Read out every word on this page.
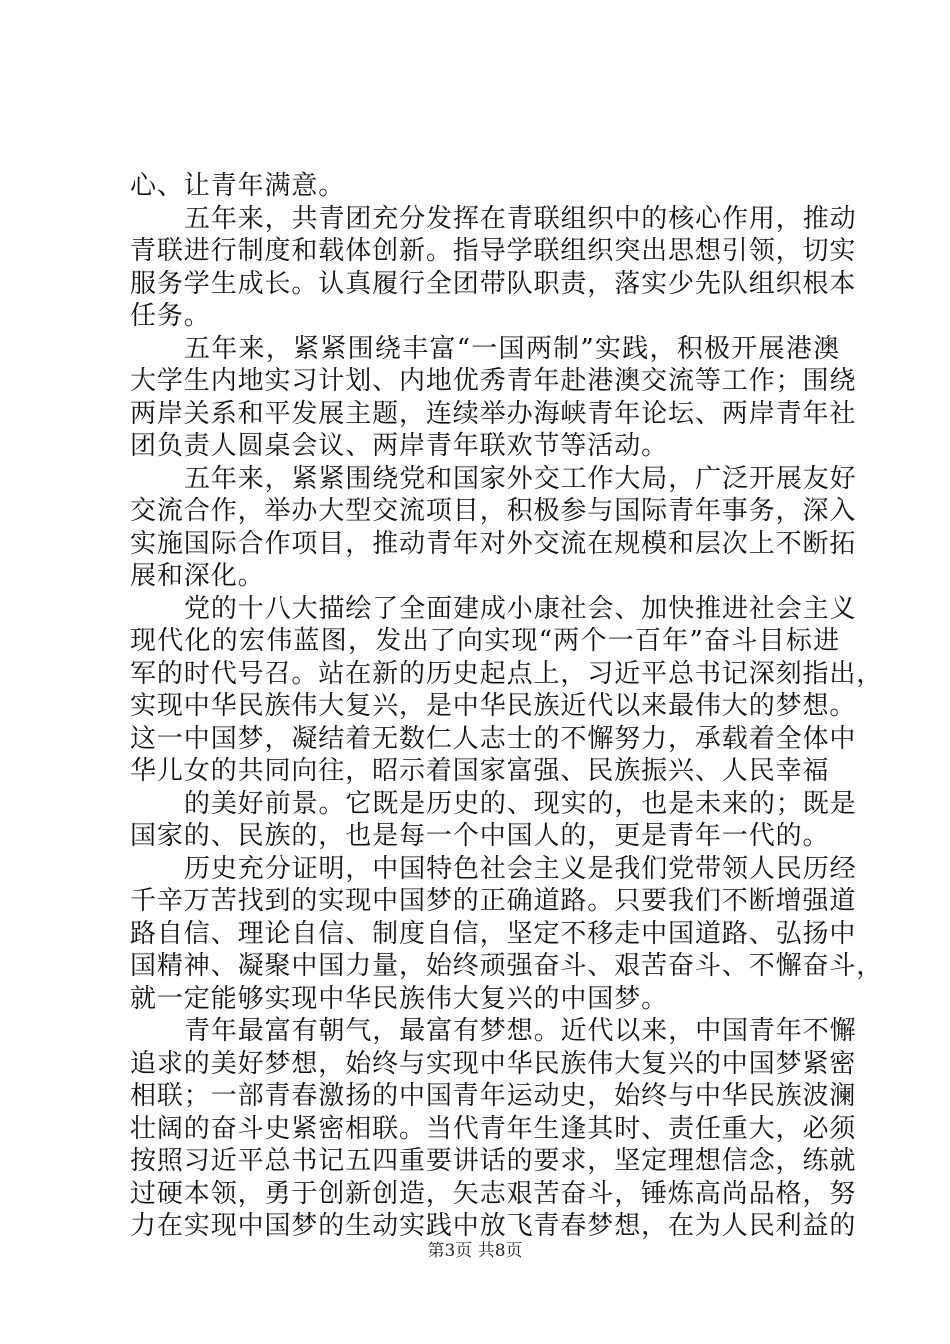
心、让青年满意。
五年来，共青团充分发挥在青联组织中的核心作用，推动
青联进行制度和载体创新。指导学联组织突出思想引领，切实
服务学生成长。认真履行全团带队职责，落实少先队组织根本
任务。
五年来，紧紧围绕丰富“一国两制”实践，积极开展港澳
大学生内地实习计划、内地优秀青年赴港澳交流等工作；围绕
两岸关系和平发展主题，连续举办海峡青年论坛、两岸青年社
团负责人圆桌会议、两岸青年联欢节等活动。
五年来，紧紧围绕党和国家外交工作大局，广泛开展友好
交流合作，举办大型交流项目，积极参与国际青年事务，深入
实施国际合作项目，推动青年对外交流在规模和层次上不断拓
展和深化。
党的十八大描绘了全面建成小康社会、加快推进社会主义
现代化的宏伟蓝图，发出了向实现“两个一百年”奋斗目标进
军的时代号召。站在新的历史起点上，习近平总书记深刻指出，
实现中华民族伟大复兴，是中华民族近代以来最伟大的梦想。
这一中国梦，凝结着无数仁人志士的不懈努力，承载着全体中
华儿女的共同向往，昭示着国家富强、民族振兴、人民幸福
的美好前景。它既是历史的、现实的，也是未来的；既是
国家的、民族的，也是每一个中国人的，更是青年一代的。
历史充分证明，中国特色社会主义是我们党带领人民历经
千辛万苦找到的实现中国梦的正确道路。只要我们不断增强道
路自信、理论自信、制度自信，坚定不移走中国道路、弘扬中
国精神、凝聚中国力量，始终顽强奋斗、艰苦奋斗、不懈奋斗，
就一定能够实现中华民族伟大复兴的中国梦。
青年最富有朝气，最富有梦想。近代以来，中国青年不懈
追求的美好梦想，始终与实现中华民族伟大复兴的中国梦紧密
相联；一部青春激扬的中国青年运动史，始终与中华民族波澜
壮阔的奋斗史紧密相联。当代青年生逢其时、责任重大，必须
按照习近平总书记五四重要讲话的要求，坚定理想信念，练就
过硬本领，勇于创新创造，矢志艰苦奋斗，锤炼高尚品格，努
力在实现中国梦的生动实践中放飞青春梦想，在为人民利益的
第3页 共8页
